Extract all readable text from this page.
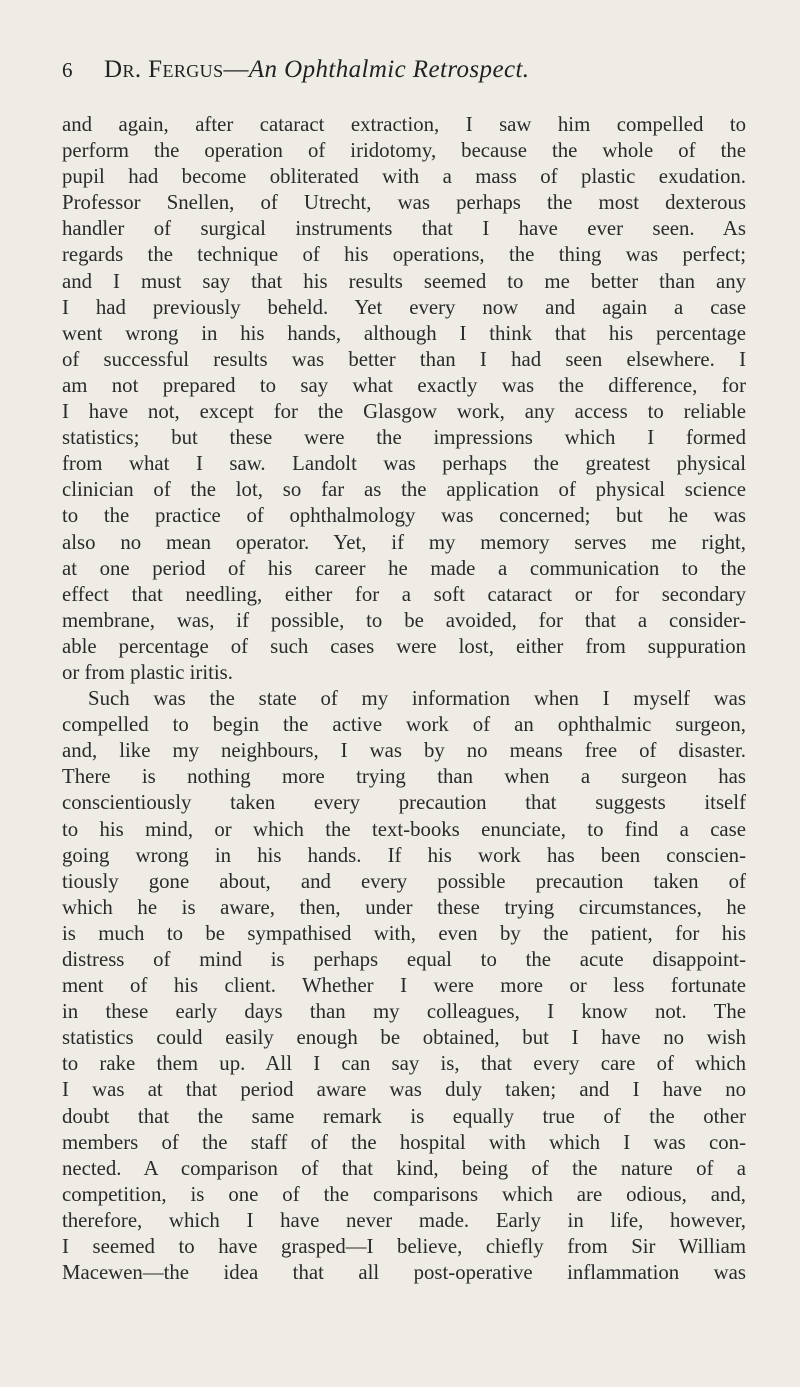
6 Dr. Fergus—An Ophthalmic Retrospect.
and again, after cataract extraction, I saw him compelled to
perform the operation of iridotomy, because the whole of the
pupil had become obliterated with a mass of plastic exudation.
Professor Snellen, of Utrecht, was perhaps the most dexterous
handler of surgical instruments that I have ever seen. As
regards the technique of his operations, the thing was perfect;
and I must say that his results seemed to me better than any
I had previously beheld. Yet every now and again a case
went wrong in his hands, although I think that his percentage
of successful results was better than I had seen elsewhere. I
am not prepared to say what exactly was the difference, for
I have not, except for the Glasgow work, any access to reliable
statistics; but these were the impressions which I formed
from what I saw. Landolt was perhaps the greatest physical
clinician of the lot, so far as the application of physical science
to the practice of ophthalmology was concerned; but he was
also no mean operator. Yet, if my memory serves me right,
at one period of his career he made a communication to the
effect that needling, either for a soft cataract or for secondary
membrane, was, if possible, to be avoided, for that a consider-
able percentage of such cases were lost, either from suppuration
or from plastic iritis.
Such was the state of my information when I myself was
compelled to begin the active work of an ophthalmic surgeon,
and, like my neighbours, I was by no means free of disaster.
There is nothing more trying than when a surgeon has
conscientiously taken every precaution that suggests itself
to his mind, or which the text-books enunciate, to find a case
going wrong in his hands. If his work has been conscien-
tiously gone about, and every possible precaution taken of
which he is aware, then, under these trying circumstances, he
is much to be sympathised with, even by the patient, for his
distress of mind is perhaps equal to the acute disappoint-
ment of his client. Whether I were more or less fortunate
in these early days than my colleagues, I know not. The
statistics could easily enough be obtained, but I have no wish
to rake them up. All I can say is, that every care of which
I was at that period aware was duly taken; and I have no
doubt that the same remark is equally true of the other
members of the staff of the hospital with which I was con-
nected. A comparison of that kind, being of the nature of a
competition, is one of the comparisons which are odious, and,
therefore, which I have never made. Early in life, however,
I seemed to have grasped—I believe, chiefly from Sir William
Macewen—the idea that all post-operative inflammation was
